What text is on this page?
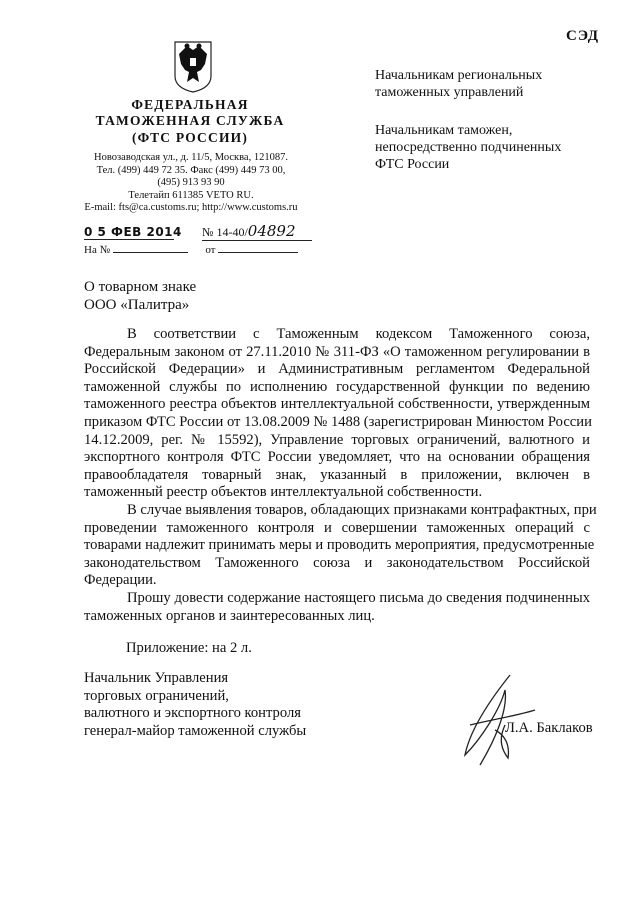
СЭД
ФЕДЕРАЛЬНАЯ
ТАМОЖЕННАЯ СЛУЖБА
(ФТС РОССИИ)
Новозаводская ул., д. 11/5, Москва, 121087.
Тел. (499) 449 72 35. Факс (499) 449 73 00,
(495) 913 93 90
Телетайп 611385 VETO RU.
E-mail: fts@ca.customs.ru; http://www.customs.ru
0 5 ФЕВ 2014 № 14-40/04892
На №	от
Начальникам региональных
таможенных управлений
Начальникам таможен,
непосредственно подчиненных
ФТС России
О товарном знаке
ООО «Палитра»
В соответствии с Таможенным кодексом Таможенного союза,
Федеральным законом от 27.11.2010 № 311-ФЗ «О таможенном регулировании в
Российской Федерации» и Административным регламентом Федеральной
таможенной службы по исполнению государственной функции по ведению
таможенного реестра объектов интеллектуальной собственности, утвержденным
приказом ФТС России от 13.08.2009 № 1488 (зарегистрирован Минюстом России
14.12.2009, рег. № 15592), Управление торговых ограничений, валютного и
экспортного контроля ФТС России уведомляет, что на основании обращения
правообладателя товарный знак, указанный в приложении, включен в
таможенный реестр объектов интеллектуальной собственности.
В случае выявления товаров, обладающих признаками контрафактных, при
проведении таможенного контроля и совершении таможенных операций с
товарами надлежит принимать меры и проводить мероприятия, предусмотренные
законодательством Таможенного союза и законодательством Российской
Федерации.
Прошу довести содержание настоящего письма до сведения подчиненных
таможенных органов и заинтересованных лиц.
Приложение: на 2 л.
Начальник Управления
торговых ограничений,
валютного и экспортного контроля
генерал-майор таможенной службы	Л.А. Баклаков
